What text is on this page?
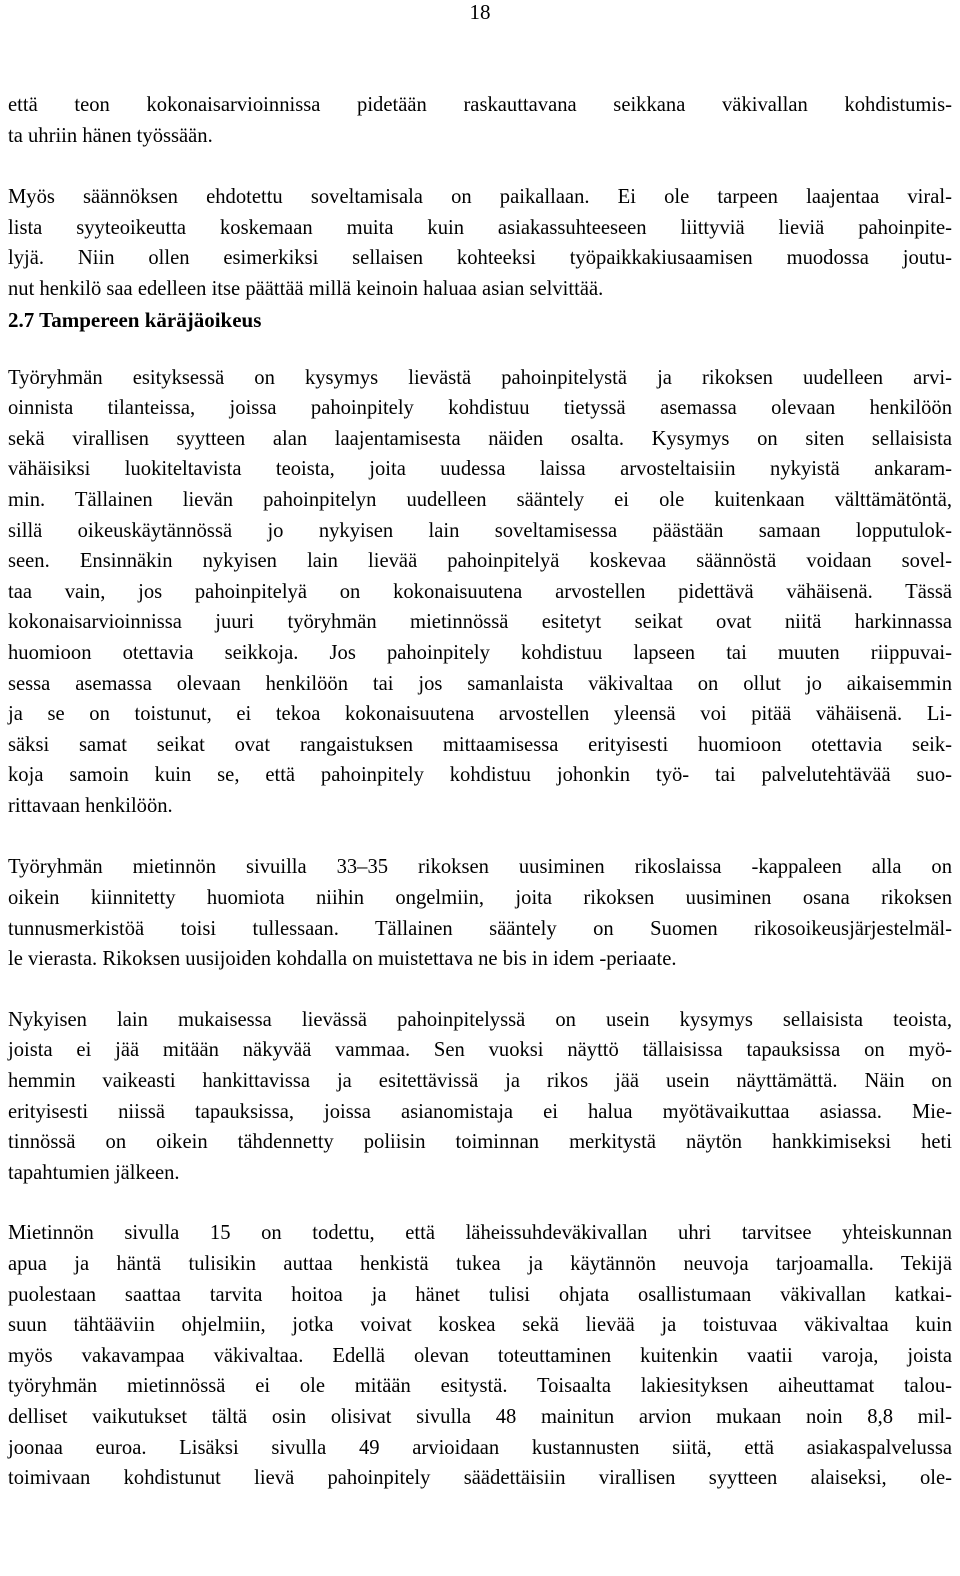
18

että teon kokonaisarvioinnissa pidetään raskauttavana seikkana väkivallan kohdistumis-
ta uhriin hänen työssään.

Myös säännöksen ehdotettu soveltamisala on paikallaan. Ei ole tarpeen laajentaa viral-
lista syyteoikeutta koskemaan muita kuin asiakassuhteeseen liittyviä lieviä pahoinpite-
lyjä. Niin ollen esimerkiksi sellaisen kohteeksi työpaikkakiusaamisen muodossa joutu-
nut henkilö saa edelleen itse päättää millä keinoin haluaa asian selvittää.

2.7 Tampereen käräjäoikeus

Työryhmän esityksessä on kysymys lievästä pahoinpitelystä ja rikoksen uudelleen arvi-
oinnista tilanteissa, joissa pahoinpitely kohdistuu tietyssä asemassa olevaan henkilöön
sekä virallisen syytteen alan laajentamisesta näiden osalta. Kysymys on siten sellaisista
vähäisiksi luokiteltavista teoista, joita uudessa laissa arvosteltaisiin nykyistä ankaram-
min. Tällainen lievän pahoinpitelyn uudelleen sääntely ei ole kuitenkaan välttämätöntä,
sillä oikeuskäytännössä jo nykyisen lain soveltamisessa päästään samaan lopputulok-
seen. Ensinnäkin nykyisen lain lievää pahoinpitelyä koskevaa säännöstä voidaan sovel-
taa vain, jos pahoinpitelyä on kokonaisuutena arvostellen pidettävä vähäisenä. Tässä
kokonaisarvioinnissa juuri työryhmän mietinnössä esitetyt seikat ovat niitä harkinnassa
huomioon otettavia seikkoja. Jos pahoinpitely kohdistuu lapseen tai muuten riippuvai-
sessa asemassa olevaan henkilöön tai jos samanlaista väkivaltaa on ollut jo aikaisemmin
ja se on toistunut, ei tekoa kokonaisuutena arvostellen yleensä voi pitää vähäisenä. Li-
säksi samat seikat ovat rangaistuksen mittaamisessa erityisesti huomioon otettavia seik-
koja samoin kuin se, että pahoinpitely kohdistuu johonkin työ- tai palvelutehtävää suo-
rittavaan henkilöön.

Työryhmän mietinnön sivuilla 33–35 rikoksen uusiminen rikoslaissa -kappaleen alla on
oikein kiinnitetty huomiota niihin ongelmiin, joita rikoksen uusiminen osana rikoksen
tunnusmerkistöä toisi tullessaan. Tällainen sääntely on Suomen rikosoikeusjärjestelmäl-
le vierasta. Rikoksen uusijoiden kohdalla on muistettava ne bis in idem -periaate.

Nykyisen lain mukaisessa lievässä pahoinpitelyssä on usein kysymys sellaisista teoista,
joista ei jää mitään näkyvää vammaa. Sen vuoksi näyttö tällaisissa tapauksissa on myö-
hemmin vaikeasti hankittavissa ja esitettävissä ja rikos jää usein näyttämättä. Näin on
erityisesti niissä tapauksissa, joissa asianomistaja ei halua myötävaikuttaa asiassa. Mie-
tinnössä on oikein tähdennetty poliisin toiminnan merkitystä näytön hankkimiseksi heti
tapahtumien jälkeen.

Mietinnön sivulla 15 on todettu, että läheissuhdeväkivallan uhri tarvitsee yhteiskunnan
apua ja häntä tulisikin auttaa henkistä tukea ja käytännön neuvoja tarjoamalla. Tekijä
puolestaan saattaa tarvita hoitoa ja hänet tulisi ohjata osallistumaan väkivallan katkai-
suun tähtääviin ohjelmiin, jotka voivat koskea sekä lievää ja toistuvaa väkivaltaa kuin
myös vakavampaa väkivaltaa. Edellä olevan toteuttaminen kuitenkin vaatii varoja, joista
työryhmän mietinnössä ei ole mitään esitystä. Toisaalta lakiesityksen aiheuttamat talou-
delliset vaikutukset tältä osin olisivat sivulla 48 mainitun arvion mukaan noin 8,8 mil-
joonaa euroa. Lisäksi sivulla 49 arvioidaan kustannusten siitä, että asiakaspalvelussa
toimivaan kohdistunut lievä pahoinpitely säädettäisiin virallisen syytteen alaiseksi, ole-
